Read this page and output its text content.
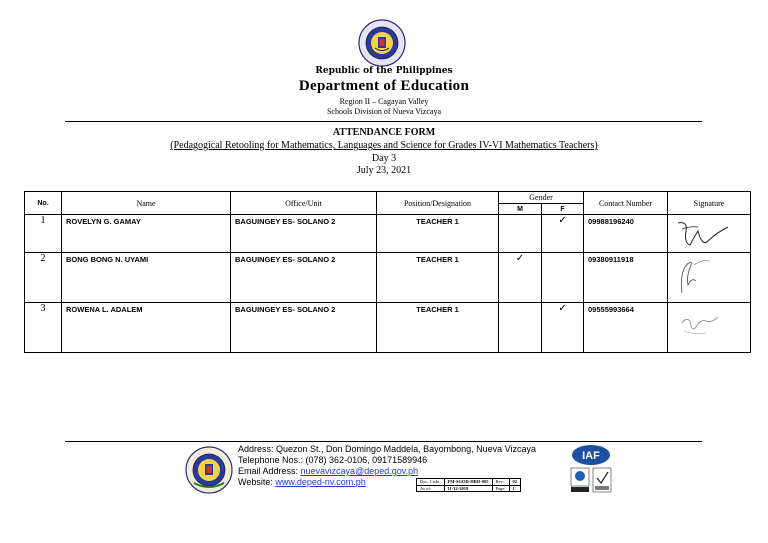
Republic of the Philippines
Department of Education
Region II – Cagayan Valley
Schools Division of Nueva Vizcaya
ATTENDANCE FORM
(Pedagogical Retooling for Mathematics, Languages and Science for Grades IV-VI Mathematics Teachers)
Day 3
July 23, 2021
No.	Name	Office/Unit	Position/Designation	Gender		Contact Number	Signature
				M	F		
1	ROVELYN G. GAMAY	BAGUINGEY ES- SOLANO 2	TEACHER 1		✓	09988196240	

2	BONG BONG N. UYAMI	BAGUINGEY ES- SOLANO 2	TEACHER 1	✓		09380911918	

3	ROWENA L. ADALEM	BAGUINGEY ES- SOLANO 2	TEACHER 1		✓	09555993664	
Address: Quezon St., Don Domingo Maddela, Bayombong, Nueva Vizcaya
Telephone Nos.: (078) 362-0106, 09171589946
Email Address: nuevavizcaya@deped.gov.ph
Website: www.deped-nv.com.ph	Doc. Code:	FM-SGOD-HRD-005	Rev:	02
As of:	11-12-2019	Page:	1
IAF
